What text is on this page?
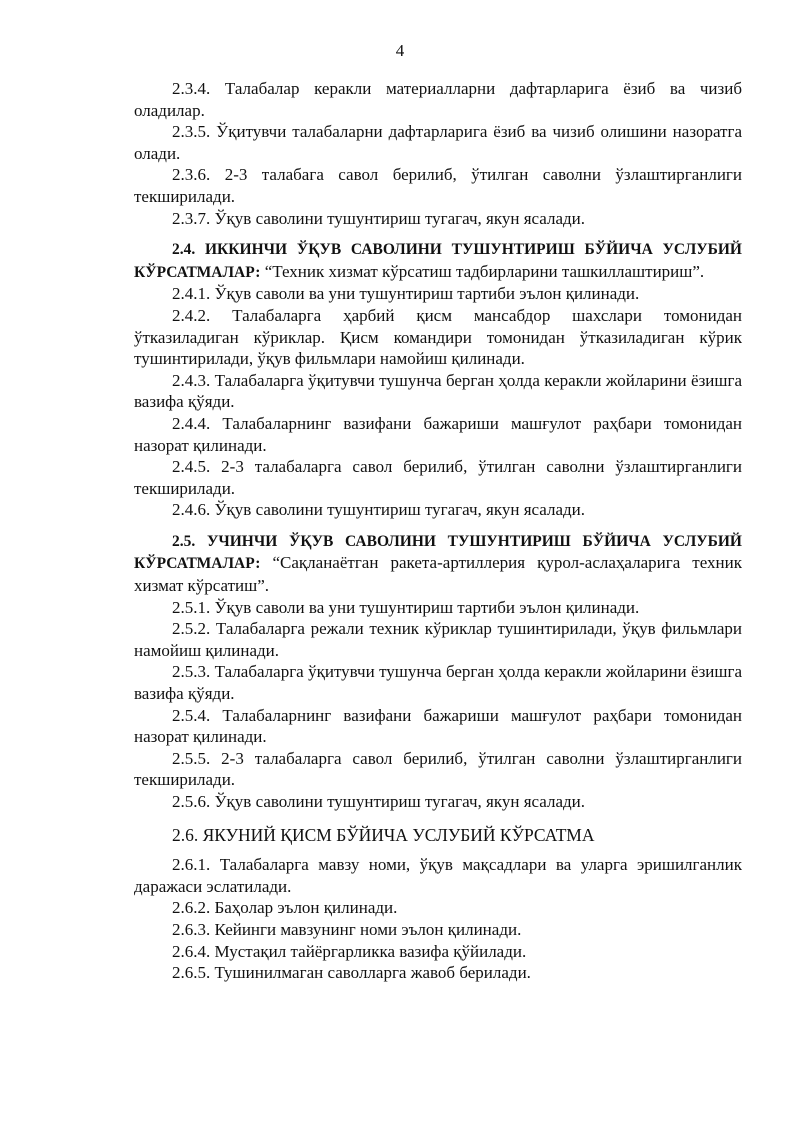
4

2.3.4. Талабалар керакли материалларни дафтарларига ёзиб ва чизиб оладилар.

2.3.5. Ўқитувчи талабаларни дафтарларига ёзиб ва чизиб олишини назоратга олади.

2.3.6. 2-3 талабага савол берилиб, ўтилган саволни ўзлаштирганлиги текширилади.

2.3.7. Ўқув саволини тушунтириш тугагач, якун ясалади.

2.4. ИККИНЧИ ЎҚУВ САВОЛИНИ ТУШУНТИРИШ БЎЙИЧА УСЛУБИЙ КЎРСАТМАЛАР: “Техник хизмат кўрсатиш тадбирларини ташкиллаштириш”.

2.4.1. Ўқув саволи ва уни тушунтириш тартиби эълон қилинади.

2.4.2. Талабаларга ҳарбий қисм мансабдор шахслари томонидан ўтказиладиган кўриклар. Қисм командири томонидан ўтказиладиган кўрик тушинтирилади, ўқув фильмлари намойиш қилинади.

2.4.3. Талабаларга ўқитувчи тушунча берган ҳолда керакли жойларини ёзишга вазифа қўяди.

2.4.4. Талабаларнинг вазифани бажариши машғулот раҳбари томонидан назорат қилинади.

2.4.5. 2-3 талабаларга савол берилиб, ўтилган саволни ўзлаштирганлиги текширилади.

2.4.6. Ўқув саволини тушунтириш тугагач, якун ясалади.

2.5. УЧИНЧИ ЎҚУВ САВОЛИНИ ТУШУНТИРИШ БЎЙИЧА УСЛУБИЙ КЎРСАТМАЛАР: “Сақланаётган ракета-артиллерия қурол-аслаҳаларига техник хизмат кўрсатиш”.

2.5.1. Ўқув саволи ва уни тушунтириш тартиби эълон қилинади.

2.5.2. Талабаларга режали техник кўриклар тушинтирилади, ўқув фильмлари намойиш қилинади.

2.5.3. Талабаларга ўқитувчи тушунча берган ҳолда керакли жойларини ёзишга вазифа қўяди.

2.5.4. Талабаларнинг вазифани бажариши машғулот раҳбари томонидан назорат қилинади.

2.5.5. 2-3 талабаларга савол берилиб, ўтилган саволни ўзлаштирганлиги текширилади.

2.5.6. Ўқув саволини тушунтириш тугагач, якун ясалади.

2.6. ЯКУНИЙ ҚИСМ БЎЙИЧА УСЛУБИЙ КЎРСАТМА

2.6.1. Талабаларга мавзу номи, ўқув мақсадлари ва уларга эришилганлик даражаси эслатилади.

2.6.2. Баҳолар эълон қилинади.

2.6.3. Кейинги мавзунинг номи эълон қилинади.

2.6.4. Мустақил тайёргарликка вазифа қўйилади.

2.6.5. Тушинилмаган саволларга жавоб берилади.
